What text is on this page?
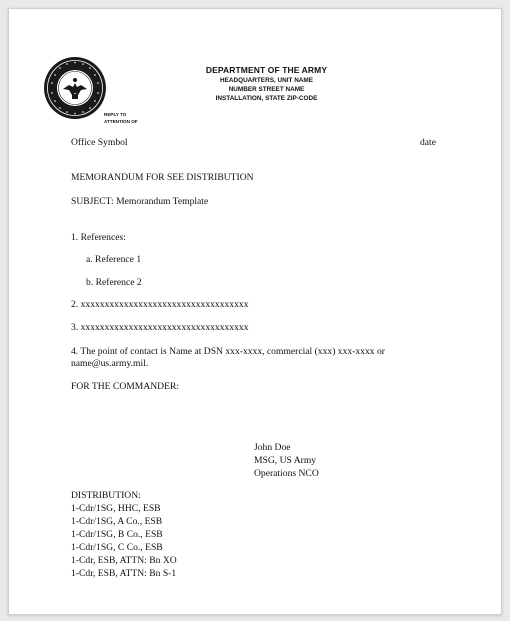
DEPARTMENT OF THE ARMY
HEADQUARTERS, UNIT NAME
NUMBER STREET NAME
INSTALLATION, STATE ZIP-CODE
REPLY TO
ATTENTION OF
Office Symbol	date
MEMORANDUM FOR SEE DISTRIBUTION
SUBJECT: Memorandum Template
1. References:
a. Reference 1
b. Reference 2
2. xxxxxxxxxxxxxxxxxxxxxxxxxxxxxxxxxxx
3. xxxxxxxxxxxxxxxxxxxxxxxxxxxxxxxxxxx
4. The point of contact is Name at DSN xxx-xxxx, commercial (xxx) xxx-xxxx or
name@us.army.mil.
FOR THE COMMANDER:
John Doe
MSG, US Army
Operations NCO
DISTRIBUTION:
1-Cdr/1SG, HHC, ESB
1-Cdr/1SG, A Co., ESB
1-Cdr/1SG, B Co., ESB
1-Cdr/1SG, C Co., ESB
1-Cdr, ESB, ATTN: Bn XO
1-Cdr, ESB, ATTN: Bn S-1
